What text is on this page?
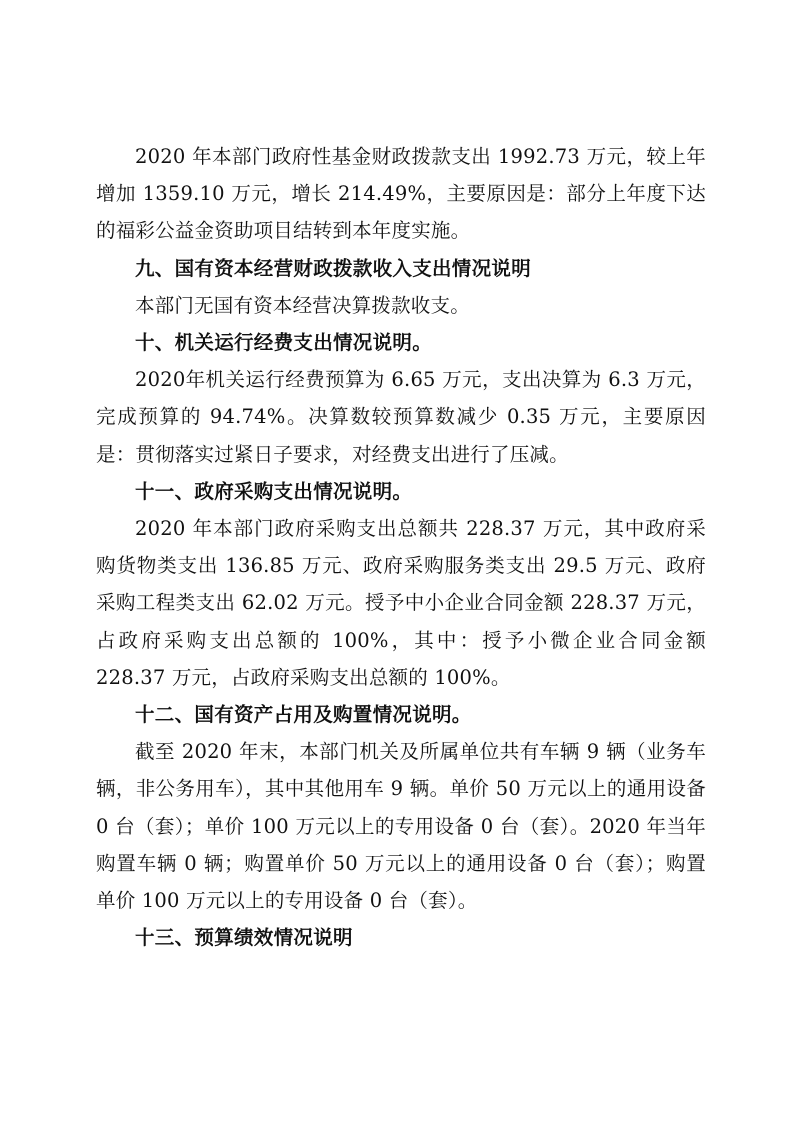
2020 年本部门政府性基金财政拨款支出 1992.73 万元，较上年增加 1359.10 万元，增长 214.49%，主要原因是：部分上年度下达的福彩公益金资助项目结转到本年度实施。

九、国有资本经营财政拨款收入支出情况说明

本部门无国有资本经营决算拨款收支。

十、机关运行经费支出情况说明。

2020年机关运行经费预算为 6.65 万元，支出决算为 6.3 万元，完成预算的 94.74%。决算数较预算数减少 0.35 万元，主要原因是：贯彻落实过紧日子要求，对经费支出进行了压减。

十一、政府采购支出情况说明。

2020 年本部门政府采购支出总额共 228.37 万元，其中政府采购货物类支出 136.85 万元、政府采购服务类支出 29.5 万元、政府采购工程类支出 62.02 万元。授予中小企业合同金额 228.37 万元，占政府采购支出总额的 100%，其中：授予小微企业合同金额 228.37 万元，占政府采购支出总额的 100%。

十二、国有资产占用及购置情况说明。

截至 2020 年末，本部门机关及所属单位共有车辆 9 辆（业务车辆，非公务用车），其中其他用车 9 辆。单价 50 万元以上的通用设备 0 台（套）；单价 100 万元以上的专用设备 0 台（套）。2020 年当年购置车辆 0 辆；购置单价 50 万元以上的通用设备 0 台（套）；购置单价 100 万元以上的专用设备 0 台（套）。

十三、预算绩效情况说明
